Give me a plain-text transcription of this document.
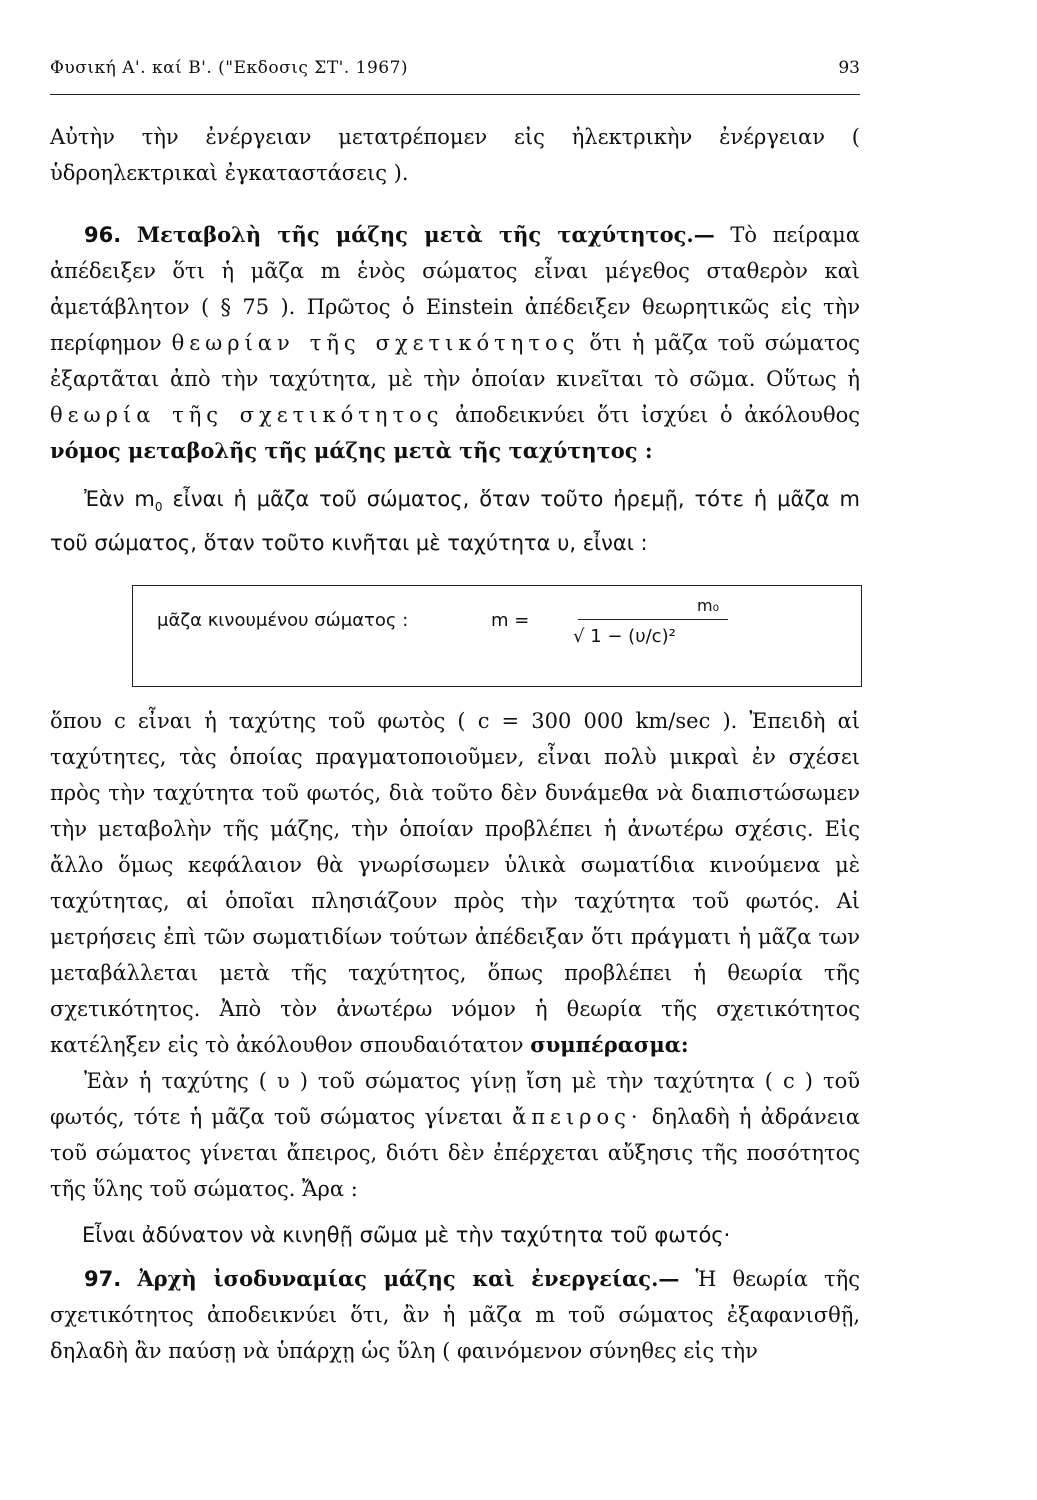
Φυσική Α'. καί Β'. ("Εκδοσις ΣΤ'. 1967)	93

Αὐτὴν τὴν ἐνέργειαν μετατρέπομεν εἰς ἠλεκτρικὴν ἐνέργειαν ( ὑδροηλεκτρικαὶ ἐγκαταστάσεις ).

96. Μεταβολὴ τῆς μάζης μετὰ τῆς ταχύτητος.— Τὸ πείραμα ἀπέδειξεν ὅτι ἡ μᾶζα m ἑνὸς σώματος εἶναι μέγεθος σταθερὸν καὶ ἀμετάβλητον ( § 75 ). Πρῶτος ὁ Einstein ἀπέδειξεν θεωρητικῶς εἰς τὴν περίφημον θεωρίαν τῆς σχετικότητος ὅτι ἡ μᾶζα τοῦ σώματος ἐξαρτᾶται ἀπὸ τὴν ταχύτητα, μὲ τὴν ὁποίαν κινεῖται τὸ σῶμα. Οὕτως ἡ θεωρία τῆς σχετικότητος ἀποδεικνύει ὅτι ἰσχύει ὁ ἀκόλουθος νόμος μεταβολῆς τῆς μάζης μετὰ τῆς ταχύτητος :

Ἐὰν $m_0$ εἶναι ἡ μᾶζα τοῦ σώματος, ὅταν τοῦτο ἠρεμῇ, τότε ἡ μᾶζα m τοῦ σώματος, ὅταν τοῦτο κινῆται μὲ ταχύτητα υ, εἶναι :

μᾶζα κινουμένου σώματος :	m =
m₀
√ 1 − (υ/c)²

ὅπου c εἶναι ἡ ταχύτης τοῦ φωτὸς ( c = 300 000 km/sec ). Ἐπειδὴ αἱ ταχύτητες, τὰς ὁποίας πραγματοποιοῦμεν, εἶναι πολὺ μικραὶ ἐν σχέσει πρὸς τὴν ταχύτητα τοῦ φωτός, διὰ τοῦτο δὲν δυνάμεθα νὰ διαπιστώσωμεν τὴν μεταβολὴν τῆς μάζης, τὴν ὁποίαν προβλέπει ἡ ἀνωτέρω σχέσις. Εἰς ἄλλο ὅμως κεφάλαιον θὰ γνωρίσωμεν ὑλικὰ σωματίδια κινούμενα μὲ ταχύτητας, αἱ ὁποῖαι πλησιάζουν πρὸς τὴν ταχύτητα τοῦ φωτός. Αἱ μετρήσεις ἐπὶ τῶν σωματιδίων τούτων ἀπέδειξαν ὅτι πράγματι ἡ μᾶζα των μεταβάλλεται μετὰ τῆς ταχύτητος, ὅπως προβλέπει ἡ θεωρία τῆς σχετικότητος. Ἀπὸ τὸν ἀνωτέρω νόμον ἡ θεωρία τῆς σχετικότητος κατέληξεν εἰς τὸ ἀκόλουθον σπουδαιότατον συμπέρασμα:

Ἐὰν ἡ ταχύτης ( υ ) τοῦ σώματος γίνῃ ἴση μὲ τὴν ταχύτητα ( c ) τοῦ φωτός, τότε ἡ μᾶζα τοῦ σώματος γίνεται ἄπειρος· δηλαδὴ ἡ ἀδράνεια τοῦ σώματος γίνεται ἄπειρος, διότι δὲν ἐπέρχεται αὔξησις τῆς ποσότητος τῆς ὕλης τοῦ σώματος. Ἄρα :

Εἶναι ἀδύνατον νὰ κινηθῇ σῶμα μὲ τὴν ταχύτητα τοῦ φωτός·

97. Ἀρχὴ ἰσοδυναμίας μάζης καὶ ἐνεργείας.— Ἡ θεωρία τῆς σχετικότητος ἀποδεικνύει ὅτι, ἂν ἡ μᾶζα m τοῦ σώματος ἐξαφανισθῇ, δηλαδὴ ἂν παύσῃ νὰ ὑπάρχῃ ὡς ὕλη ( φαινόμενον σύνηθες εἰς τὴν
